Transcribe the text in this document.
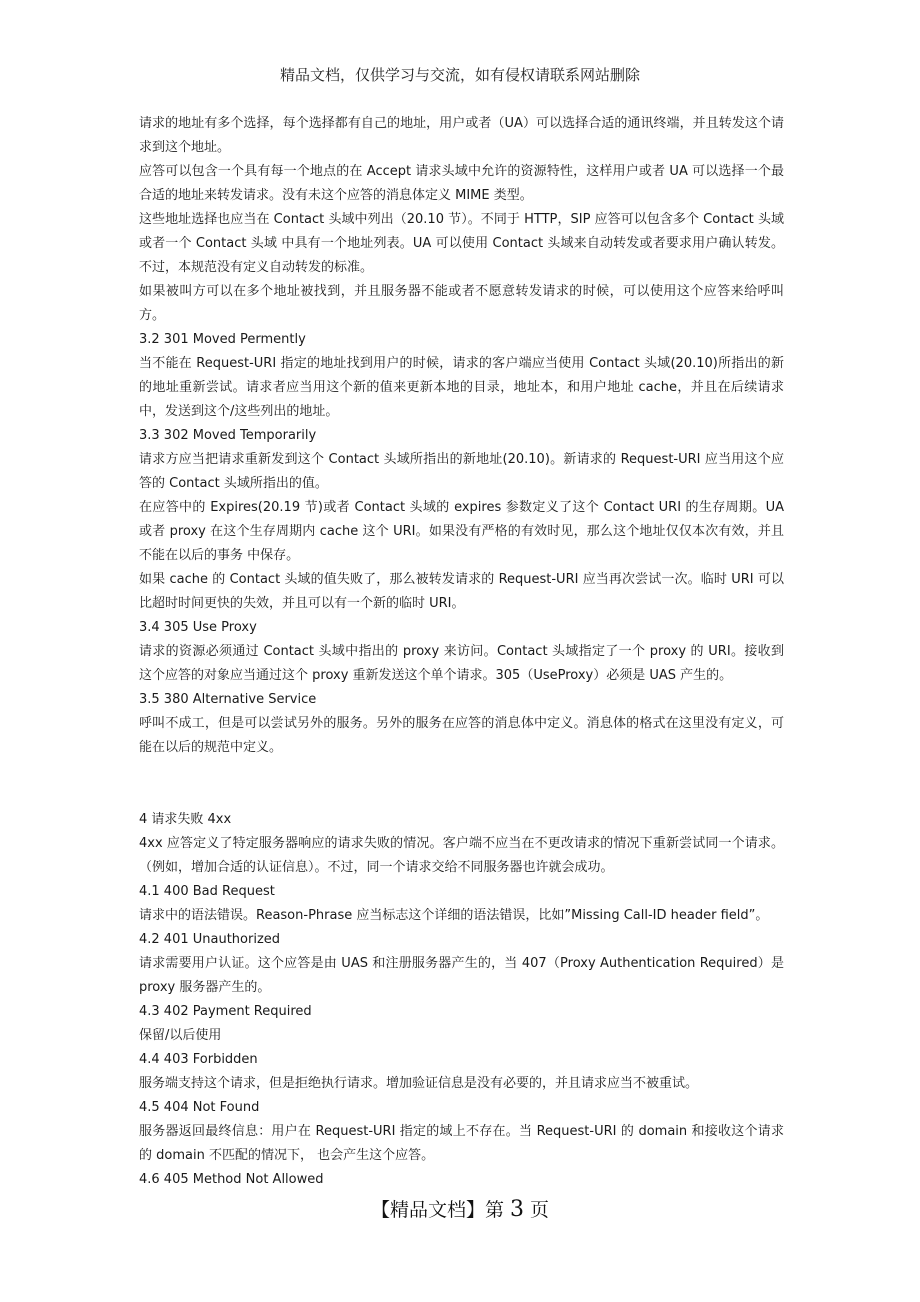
精品文档，仅供学习与交流，如有侵权请联系网站删除

请求的地址有多个选择，每个选择都有自己的地址，用户或者（UA）可以选择合适的通讯终端，并且转发这个请求到这个地址。

应答可以包含一个具有每一个地点的在 Accept 请求头域中允许的资源特性，这样用户或者 UA 可以选择一个最合适的地址来转发请求。没有未这个应答的消息体定义 MIME 类型。

这些地址选择也应当在 Contact 头域中列出（20.10 节）。不同于 HTTP，SIP 应答可以包含多个 Contact 头域或者一个 Contact 头域 中具有一个地址列表。UA 可以使用 Contact 头域来自动转发或者要求用户确认转发。不过，本规范没有定义自动转发的标准。

如果被叫方可以在多个地址被找到，并且服务器不能或者不愿意转发请求的时候，可以使用这个应答来给呼叫方。

3.2 301 Moved Permently

当不能在 Request-URI 指定的地址找到用户的时候，请求的客户端应当使用 Contact 头域(20.10)所指出的新的地址重新尝试。请求者应当用这个新的值来更新本地的目录，地址本，和用户地址 cache，并且在后续请求中，发送到这个/这些列出的地址。

3.3 302 Moved Temporarily

请求方应当把请求重新发到这个 Contact 头域所指出的新地址(20.10)。新请求的 Request-URI 应当用这个应答的 Contact 头域所指出的值。

在应答中的 Expires(20.19 节)或者 Contact 头域的 expires 参数定义了这个 Contact URI 的生存周期。UA 或者 proxy 在这个生存周期内 cache 这个 URI。如果没有严格的有效时见，那么这个地址仅仅本次有效，并且不能在以后的事务 中保存。

如果 cache 的 Contact 头域的值失败了，那么被转发请求的 Request-URI 应当再次尝试一次。临时 URI 可以比超时时间更快的失效，并且可以有一个新的临时 URI。

3.4 305 Use Proxy

请求的资源必须通过 Contact 头域中指出的 proxy 来访问。Contact 头域指定了一个 proxy 的 URI。接收到这个应答的对象应当通过这个 proxy 重新发送这个单个请求。305（UseProxy）必须是 UAS 产生的。

3.5 380 Alternative Service

呼叫不成工，但是可以尝试另外的服务。另外的服务在应答的消息体中定义。消息体的格式在这里没有定义，可能在以后的规范中定义。

4 请求失败 4xx

4xx 应答定义了特定服务器响应的请求失败的情况。客户端不应当在不更改请求的情况下重新尝试同一个请求。（例如，增加合适的认证信息）。不过，同一个请求交给不同服务器也许就会成功。

4.1 400 Bad Request

请求中的语法错误。Reason-Phrase 应当标志这个详细的语法错误，比如”Missing Call-ID header field”。

4.2 401 Unauthorized

请求需要用户认证。这个应答是由 UAS 和注册服务器产生的，当 407（Proxy Authentication Required）是 proxy 服务器产生的。

4.3 402 Payment Required

保留/以后使用

4.4 403 Forbidden

服务端支持这个请求，但是拒绝执行请求。增加验证信息是没有必要的，并且请求应当不被重试。

4.5 404 Not Found

服务器返回最终信息：用户在 Request-URI 指定的域上不存在。当 Request-URI 的 domain 和接收这个请求的 domain 不匹配的情况下， 也会产生这个应答。

4.6 405 Method Not Allowed

【精品文档】第 3 页
